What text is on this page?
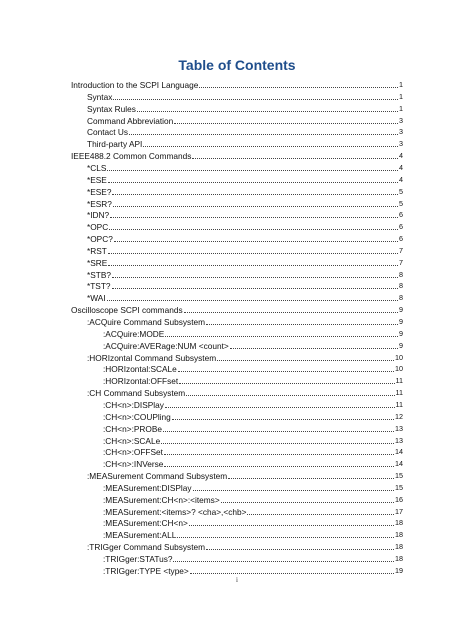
Table of Contents
Introduction to the SCPI Language	1
Syntax	1
Syntax Rules	1
Command Abbreviation	3
Contact Us	3
Third-party API	3
IEEE488.2 Common Commands	4
*CLS	4
*ESE	4
*ESE?	5
*ESR?	5
*IDN?	6
*OPC	6
*OPC?	6
*RST	7
*SRE	7
*STB?	8
*TST?	8
*WAI	8
Oscilloscope SCPI commands	9
:ACQuire Command Subsystem	9
:ACQuire:MODE	9
:ACQuire:AVERage:NUM <count>	9
:HORIzontal Command Subsystem	10
:HORIzontal:SCALe	10
:HORIzontal:OFFset	11
:CH Command Subsystem	11
:CH<n>:DISPlay	11
:CH<n>:COUPling	12
:CH<n>:PROBe	13
:CH<n>:SCALe	13
:CH<n>:OFFSet	14
:CH<n>:INVerse	14
:MEASurement Command Subsystem	15
:MEASurement:DISPlay	15
:MEASurement:CH<n>:<items>	16
:MEASurement:<items>? <cha>,<chb>	17
:MEASurement:CH<n>	18
:MEASurement:ALL	18
:TRIGger Command Subsystem	18
:TRIGger:STATus?	18
:TRIGger:TYPE <type>	19
i
